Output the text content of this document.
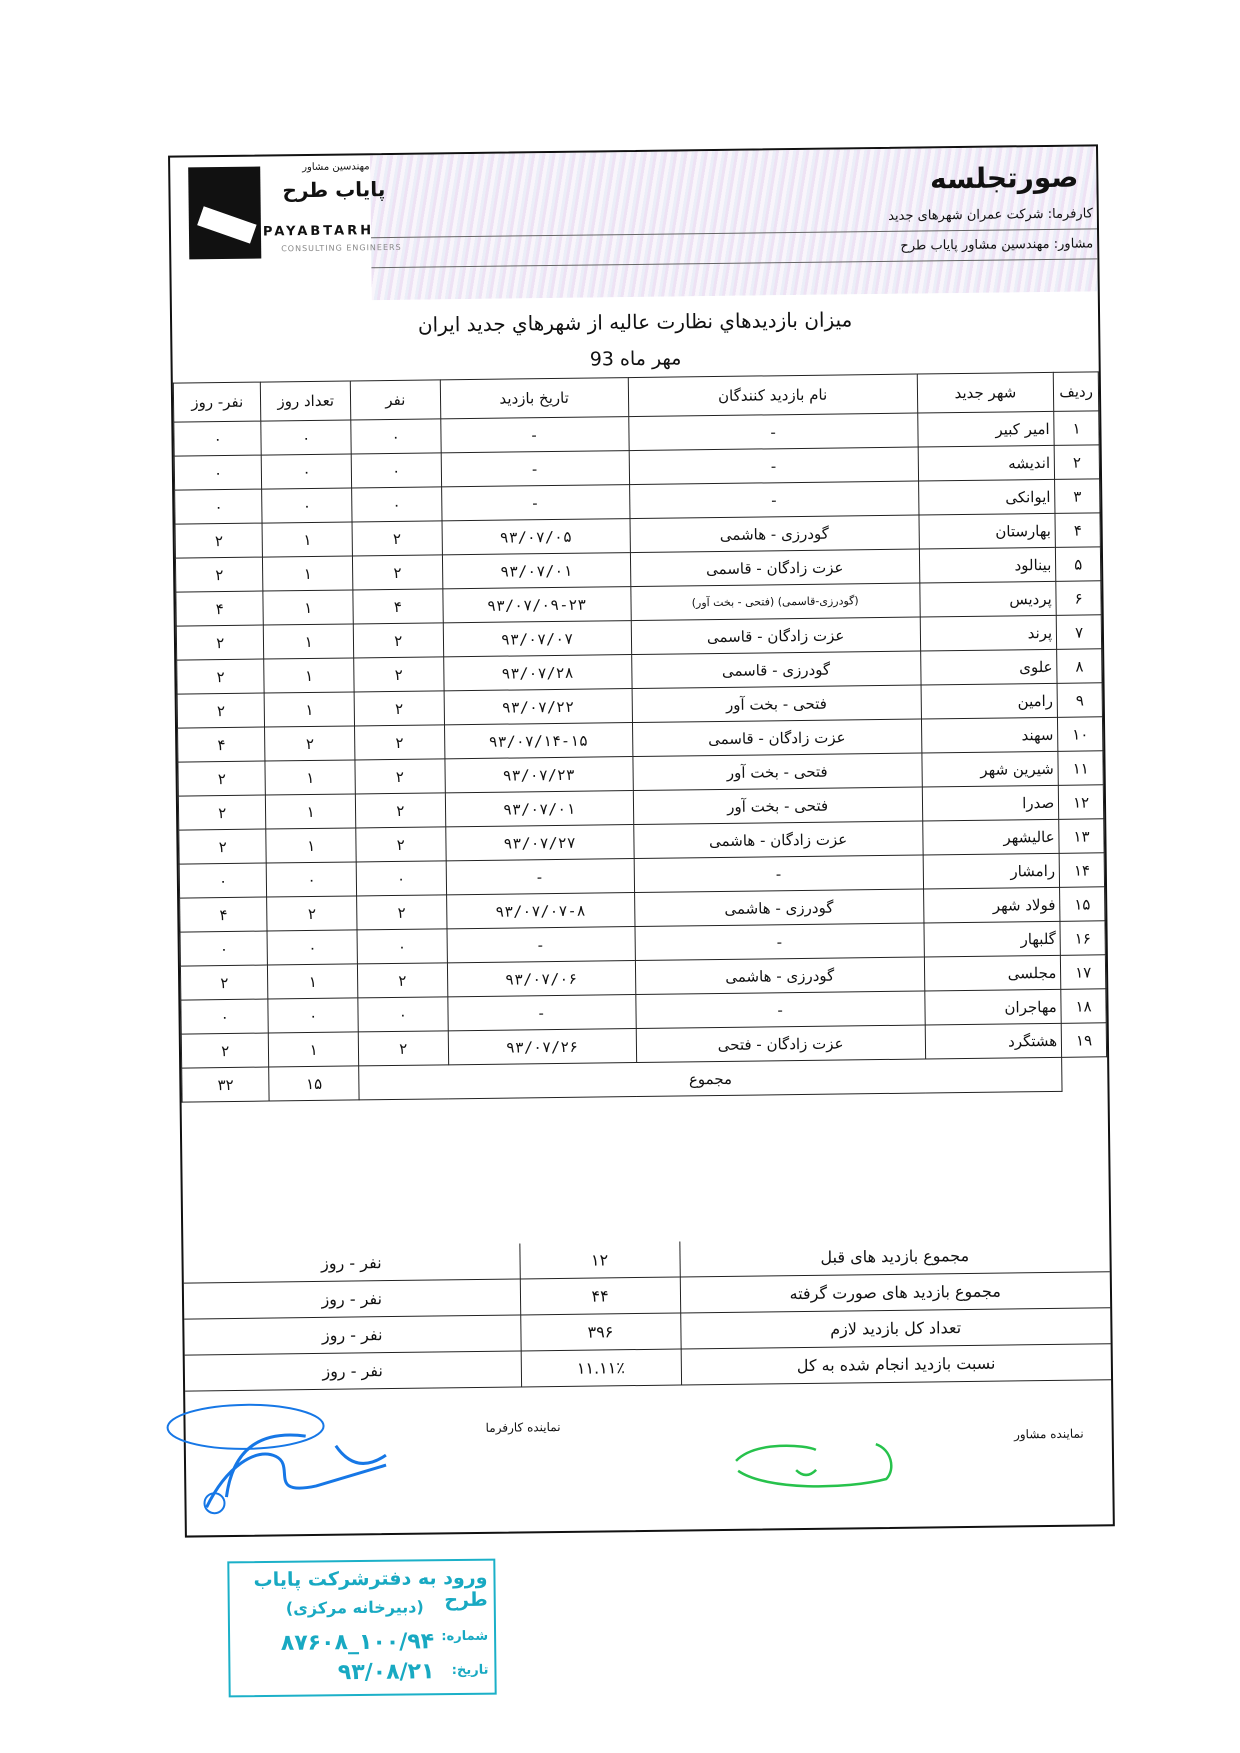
مهندسین مشاور
پایاب طرح
PAYABTARH
CONSULTING ENGINEERS
صورتجلسه
کارفرما: شرکت عمران شهرهای جدید
مشاور: مهندسین مشاور پایاب طرح
میزان بازدیدهاي نظارت عالیه از شهرهاي جدید ایران
مهر ماه 93
ردیف	شهر جدید	نام بازدید کنندگان	تاریخ بازدید	نفر	تعداد روز	نفر- روز
۱	امیر کبیر	-	-	۰	۰	۰
۲	اندیشه	-	-	۰	۰	۰
۳	ایوانکی	-	-	۰	۰	۰
۴	بهارستان	گودرزی - هاشمی	۹۳/۰۷/۰۵	۲	۱	۲
۵	بینالود	عزت زادگان - قاسمی	۹۳/۰۷/۰۱	۲	۱	۲
۶	پردیس	(گودرزی-قاسمی) (فتحی - بخت آور)	۹۳/۰۷/۰۹-۲۳	۴	۱	۴
۷	پرند	عزت زادگان - قاسمی	۹۳/۰۷/۰۷	۲	۱	۲
۸	علوی	گودرزی - قاسمی	۹۳/۰۷/۲۸	۲	۱	۲
۹	رامین	فتحی - بخت آور	۹۳/۰۷/۲۲	۲	۱	۲
۱۰	سهند	عزت زادگان - قاسمی	۹۳/۰۷/۱۴-۱۵	۲	۲	۴
۱۱	شیرین شهر	فتحی - بخت آور	۹۳/۰۷/۲۳	۲	۱	۲
۱۲	صدرا	فتحی - بخت آور	۹۳/۰۷/۰۱	۲	۱	۲
۱۳	عالیشهر	عزت زادگان - هاشمی	۹۳/۰۷/۲۷	۲	۱	۲
۱۴	رامشار	-	-	۰	۰	۰
۱۵	فولاد شهر	گودرزی - هاشمی	۹۳/۰۷/۰۷-۸	۲	۲	۴
۱۶	گلبهار	-	-	۰	۰	۰
۱۷	مجلسی	گودرزی - هاشمی	۹۳/۰۷/۰۶	۲	۱	۲
۱۸	مهاجران	-	-	۰	۰	۰
۱۹	هشتگرد	عزت زادگان - فتحی	۹۳/۰۷/۲۶	۲	۱	۲
	مجموع				۱۵	۳۲
مجموع بازدید های قبل	۱۲	نفر - روز
مجموع بازدید های صورت گرفته	۴۴	نفر - روز
تعداد کل بازدید لازم	۳۹۶	نفر - روز
نسبت بازدید انجام شده به کل	۱۱.۱۱٪	نفر - روز
نماینده کارفرما	نماینده مشاور
ورود به دفترشرکت پایاب طرح
(دبیرخانه مرکزی)
شماره:
۱۰۰/۹۴_۸۷۶۰۸
تاریخ:
۹۳/۰۸/۲۱
